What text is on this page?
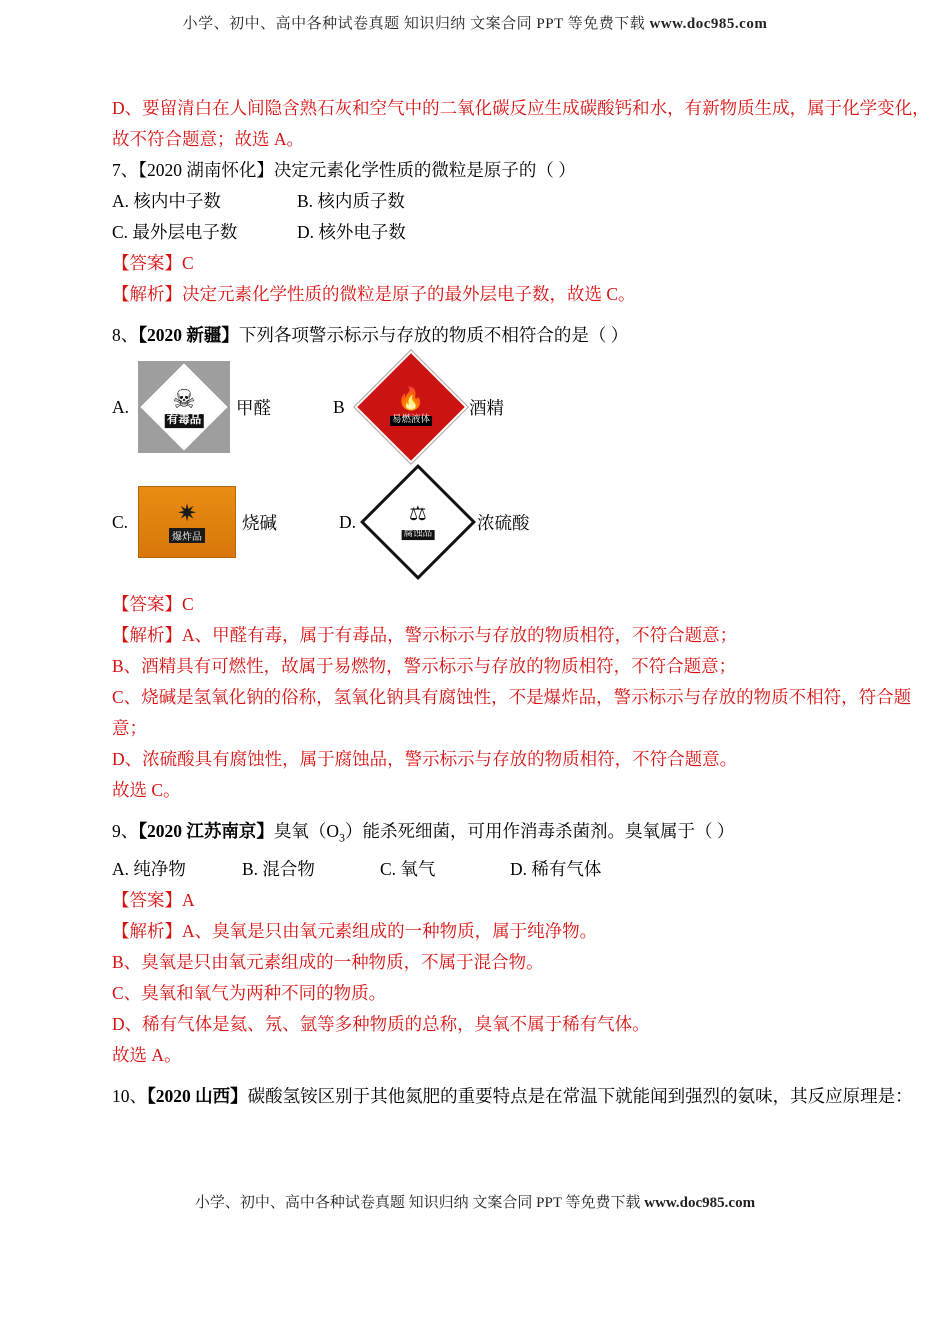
小学、初中、高中各种试卷真题 知识归纳 文案合同 PPT 等免费下载 www.doc985.com

D、要留清白在人间隐含熟石灰和空气中的二氧化碳反应生成碳酸钙和水，有新物质生成，属于化学变化，

故不符合题意；故选 A。

7、【2020 湖南怀化】决定元素化学性质的微粒是原子的（ ）

A. 核内中子数	B. 核内质子数
C. 最外层电子数	D. 核外电子数

【答案】C

【解析】决定元素化学性质的微粒是原子的最外层电子数，故选 C。

8、【2020 新疆】下列各项警示标示与存放的物质不相符合的是（ ）

A.	☠
有毒品
甲醛	B	🔥
易燃液体
酒精
C.	✷
爆炸品
烧碱	D.	⚖
腐蚀品
浓硫酸

【答案】C

【解析】A、甲醛有毒，属于有毒品，警示标示与存放的物质相符，不符合题意；

B、酒精具有可燃性，故属于易燃物，警示标示与存放的物质相符，不符合题意；

C、烧碱是氢氧化钠的俗称，氢氧化钠具有腐蚀性，不是爆炸品，警示标示与存放的物质不相符，符合题

意；

D、浓硫酸具有腐蚀性，属于腐蚀品，警示标示与存放的物质相符，不符合题意。

故选 C。

9、【2020 江苏南京】臭氧$(O_3)$能杀死细菌，可用作消毒杀菌剂。臭氧属于（ ）

A. 纯净物	B. 混合物	C. 氧气	D. 稀有气体

【答案】A

【解析】A、臭氧是只由氧元素组成的一种物质，属于纯净物。

B、臭氧是只由氧元素组成的一种物质，不属于混合物。

C、臭氧和氧气为两种不同的物质。

D、稀有气体是氦、氖、氩等多种物质的总称，臭氧不属于稀有气体。

故选 A。

10、【2020 山西】碳酸氢铵区别于其他氮肥的重要特点是在常温下就能闻到强烈的氨味，其反应原理是：

小学、初中、高中各种试卷真题 知识归纳 文案合同 PPT 等免费下载 www.doc985.com
